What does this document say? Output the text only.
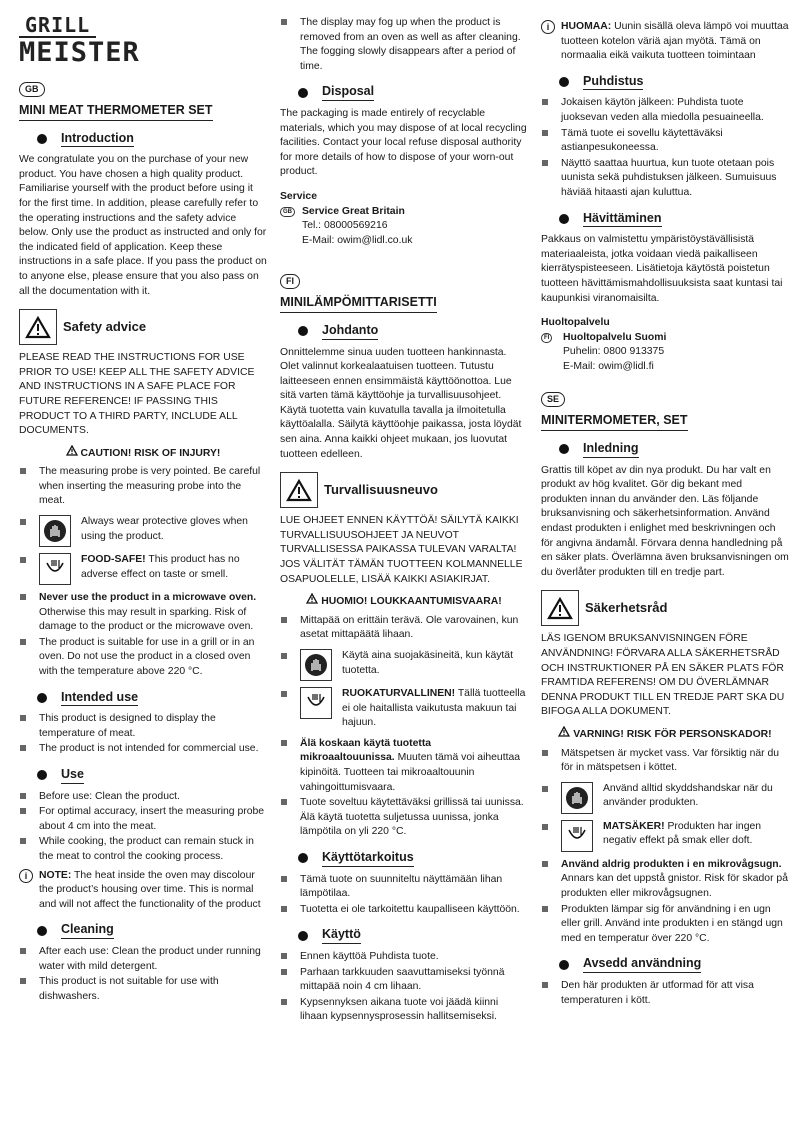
GRILL
MEISTER
GB
MINI MEAT THERMOMETER SET
Introduction

We congratulate you on the purchase of your new product. You have chosen a high quality product. Familiarise yourself with the product before using it for the first time. In addition, please carefully refer to the operating instructions and the safety advice below. Only use the product as instructed and only for the indicated field of application. Keep these instructions in a safe place. If you pass the product on to anyone else, please ensure that you also pass on all the documentation with it.

Safety advice

PLEASE READ THE INSTRUCTIONS FOR USE PRIOR TO USE! KEEP ALL THE SAFETY ADVICE AND INSTRUCTIONS IN A SAFE PLACE FOR FUTURE REFERENCE! IF PASSING THIS PRODUCT TO A THIRD PARTY, INCLUDE ALL DOCUMENTS.

CAUTION! RISK OF INJURY!
The measuring probe is very pointed. Be careful when inserting the measuring probe into the meat.
Always wear protective gloves when using the product.
FOOD-SAFE! This product has no adverse effect on taste or smell.
Never use the product in a microwave oven. Otherwise this may result in sparking. Risk of damage to the product or the microwave oven.
The product is suitable for use in a grill or in an oven. Do not use the product in a closed oven with the temperature above 220 °C.
Intended use
This product is designed to display the temperature of meat.
The product is not intended for commercial use.
Use
Before use: Clean the product.
For optimal accuracy, insert the measuring probe about 4 cm into the meat.
While cooking, the product can remain stuck in the meat to control the cooking process.
i	NOTE: The heat inside the oven may discolour the product’s housing over time. This is normal and will not affect the functionality of the product
Cleaning
After each use: Clean the product under running water with mild detergent.
This product is not suitable for use with dishwashers.
The display may fog up when the product is removed from an oven as well as after cleaning. The fogging slowly disappears after a period of time.
Disposal

The packaging is made entirely of recyclable materials, which you may dispose of at local recycling facilities. Contact your local refuse disposal authority for more details of how to dispose of your worn-out product.

Service
GB Service Great Britain
Tel.: 08000569216
E-Mail: owim@lidl.co.uk
FI
MINILÄMPÖMITTARISETTI
Johdanto

Onnittelemme sinua uuden tuotteen hankinnasta. Olet valinnut korkealaatuisen tuotteen. Tutustu laitteeseen ennen ensimmäistä käyttöönottoa. Lue sitä varten tämä käyttöohje ja turvallisuusohjeet. Käytä tuotetta vain kuvatulla tavalla ja ilmoitetulla käyttöalalla. Säilytä käyttöohje paikassa, josta löydät sen aina. Anna kaikki ohjeet mukaan, jos luovutat tuotteen edelleen.

Turvallisuusneuvo

LUE OHJEET ENNEN KÄYTTÖÄ! SÄILYTÄ KAIKKI TURVALLISUUSOHJEET JA NEUVOT TURVALLISESSA PAIKASSA TULEVAN VARALTA! JOS VÄLITÄT TÄMÄN TUOTTEEN KOLMANNELLE OSAPUOLELLE, LISÄÄ KAIKKI ASIAKIRJAT.

HUOMIO! LOUKKAANTUMISVAARA!
Mittapää on erittäin terävä. Ole varovainen, kun asetat mittapäätä lihaan.
Käytä aina suojakäsineitä, kun käytät tuotetta.
RUOKATURVALLINEN! Tällä tuotteella ei ole haitallista vaikutusta makuun tai hajuun.
Älä koskaan käytä tuotetta mikroaaltouunissa. Muuten tämä voi aiheuttaa kipinöitä. Tuotteen tai mikroaaltouunin vahingoittumisvaara.
Tuote soveltuu käytettäväksi grillissä tai uunissa. Älä käytä tuotetta suljetussa uunissa, jonka lämpötila on yli 220 °C.
Käyttötarkoitus
Tämä tuote on suunniteltu näyttämään lihan lämpötilaa.
Tuotetta ei ole tarkoitettu kaupalliseen käyttöön.
Käyttö
Ennen käyttöä Puhdista tuote.
Parhaan tarkkuuden saavuttamiseksi työnnä mittapää noin 4 cm lihaan.
Kypsennyksen aikana tuote voi jäädä kiinni lihaan kypsennysprosessin hallitsemiseksi.
i	HUOMAA: Uunin sisällä oleva lämpö voi muuttaa tuotteen kotelon väriä ajan myötä. Tämä on normaalia eikä vaikuta tuotteen toimintaan
Puhdistus
Jokaisen käytön jälkeen: Puhdista tuote juoksevan veden alla miedolla pesuaineella.
Tämä tuote ei sovellu käytettäväksi astianpesukoneessa.
Näyttö saattaa huurtua, kun tuote otetaan pois uunista sekä puhdistuksen jälkeen. Sumuisuus häviää hitaasti ajan kuluttua.
Hävittäminen

Pakkaus on valmistettu ympäristöystävällisistä materiaaleista, jotka voidaan viedä paikalliseen kierrätyspisteeseen. Lisätietoja käytöstä poistetun tuotteen hävittämismahdollisuuksista saat kuntasi tai kaupunkisi viranomaisilta.

Huoltopalvelu
FI Huoltopalvelu Suomi
Puhelin: 0800 913375
E-Mail: owim@lidl.fi
SE
MINITERMOMETER, SET
Inledning

Grattis till köpet av din nya produkt. Du har valt en produkt av hög kvalitet. Gör dig bekant med produkten innan du använder den. Läs följande bruksanvisning och säkerhetsinformation. Använd endast produkten i enlighet med beskrivningen och för angivna ändamål. Förvara denna handledning på en säker plats. Överlämna även bruksanvisningen om du överlåter produkten till en tredje part.

Säkerhetsråd

LÄS IGENOM BRUKSANVISNINGEN FÖRE ANVÄNDNING! FÖRVARA ALLA SÄKERHETSRÅD OCH INSTRUKTIONER PÅ EN SÄKER PLATS FÖR FRAMTIDA REFERENS! OM DU ÖVERLÄMNAR DENNA PRODUKT TILL EN TREDJE PART SKA DU BIFOGA ALLA DOKUMENT.

VARNING! RISK FÖR PERSONSKADOR!
Mätspetsen är mycket vass. Var försiktig när du för in mätspetsen i köttet.
Använd alltid skyddshandskar när du använder produkten.
MATSÄKER! Produkten har ingen negativ effekt på smak eller doft.
Använd aldrig produkten i en mikrovågsugn. Annars kan det uppstå gnistor. Risk för skador på produkten eller mikrovågsugnen.
Produkten lämpar sig för användning i en ugn eller grill. Använd inte produkten i en stängd ugn med en temperatur över 220 °C.
Avsedd användning
Den här produkten är utformad för att visa temperaturen i kött.
